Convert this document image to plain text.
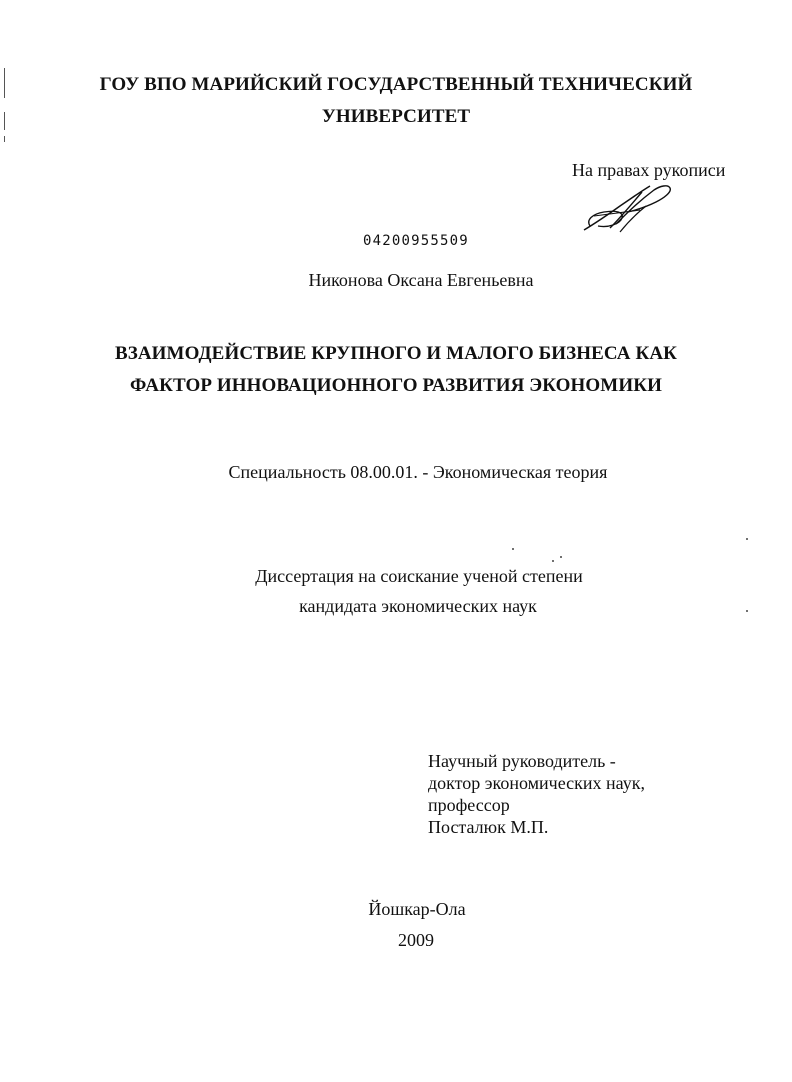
ГОУ ВПО МАРИЙСКИЙ ГОСУДАРСТВЕННЫЙ ТЕХНИЧЕСКИЙ
УНИВЕРСИТЕТ
На правах рукописи
04200955509
Никонова Оксана Евгеньевна
ВЗАИМОДЕЙСТВИЕ КРУПНОГО И МАЛОГО БИЗНЕСА КАК
ФАКТОР ИННОВАЦИОННОГО РАЗВИТИЯ ЭКОНОМИКИ
Специальность 08.00.01. - Экономическая теория
Диссертация на соискание ученой степени
кандидата экономических наук
Научный руководитель -
доктор экономических наук,
профессор
Посталюк М.П.
Йошкар-Ола
2009
